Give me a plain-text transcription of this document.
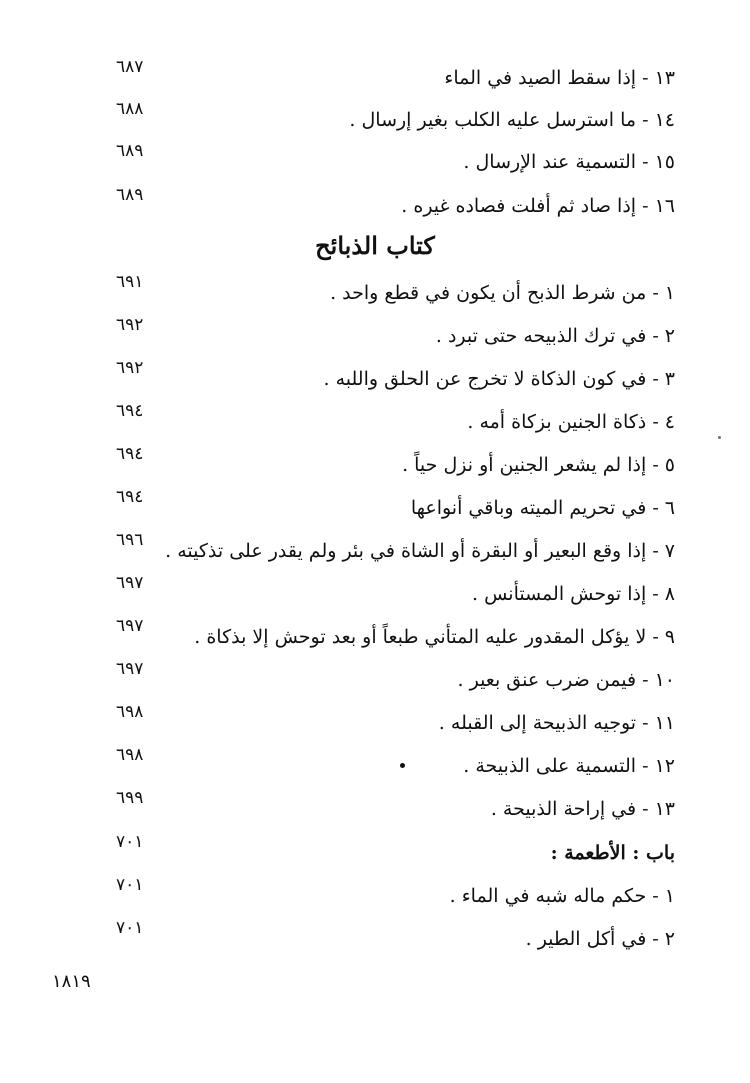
١٣ - إذا سقط الصيد في الماء
٦٨٧
١٤ - ما استرسل عليه الكلب بغير إرسال .
٦٨٨
١٥ - التسمية عند الإرسال .
٦٨٩
١٦ - إذا صاد ثم أفلت فصاده غيره .
٦٨٩
كتاب الذبائح
١ - من شرط الذبح أن يكون في قطع واحد .
٦٩١
٢ - في ترك الذبيحه حتى تبرد .
٦٩٢
٣ - في كون الذكاة لا تخرج عن الحلق واللبه .
٦٩٢
٤ - ذكاة الجنين بزكاة أمه .
٦٩٤
٥ - إذا لم يشعر الجنين أو نزل حياً .
٦٩٤
٦ - في تحريم الميته وباقي أنواعها
٦٩٤
٧ - إذا وقع البعير أو البقرة أو الشاة في بئر ولم يقدر على تذكيته .
٦٩٦
٨ - إذا توحش المستأنس .
٦٩٧
٩ - لا يؤكل المقدور عليه المتأني طبعاً أو بعد توحش إلا بذكاة .
٦٩٧
١٠ - فيمن ضرب عنق بعير .
٦٩٧
١١ - توجيه الذبيحة إلى القبله .
٦٩٨
١٢ - التسمية على الذبيحة .
٦٩٨
١٣ - في إراحة الذبيحة .
٦٩٩
باب : الأطعمة :
٧٠١
١ - حكم ماله شبه في الماء .
٧٠١
٢ - في أكل الطير .
٧٠١
١٨١٩
